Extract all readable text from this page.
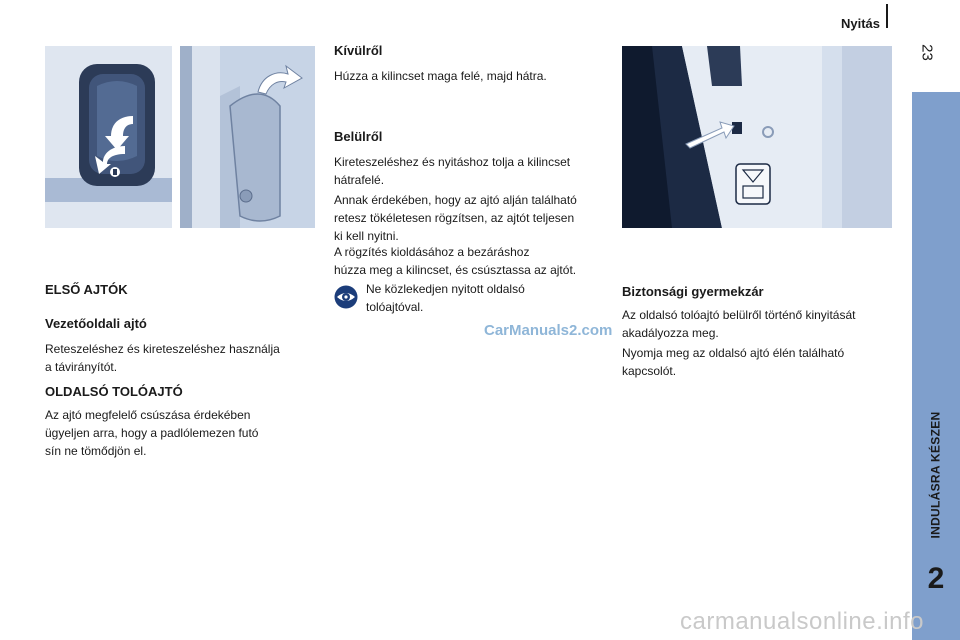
Nyitás
23
INDULÁSRA KÉSZEN
2
ELSŐ AJTÓK
Vezetőoldali ajtó
Reteszeléshez és kireteszeléshez használja
a távirányítót.
OLDALSÓ TOLÓAJTÓ
Az ajtó megfelelő csúszása érdekében
ügyeljen arra, hogy a padlólemezen futó
sín ne tömődjön el.
Kívülről
Húzza a kilincset maga felé, majd hátra.
Belülről
Kireteszeléshez és nyitáshoz tolja a kilincset
hátrafelé.
Annak érdekében, hogy az ajtó alján található
retesz tökéletesen rögzítsen, az ajtót teljesen
ki kell nyitni.
A rögzítés kioldásához a bezáráshoz
húzza meg a kilincset, és csúsztassa az ajtót.
Ne közlekedjen nyitott oldalsó
tolóajtóval.
CarManuals2.com
Biztonsági gyermekzár
Az oldalsó tolóajtó belülről történő kinyitását
akadályozza meg.
Nyomja meg az oldalsó ajtó élén található
kapcsolót.
carmanualsonline.info
